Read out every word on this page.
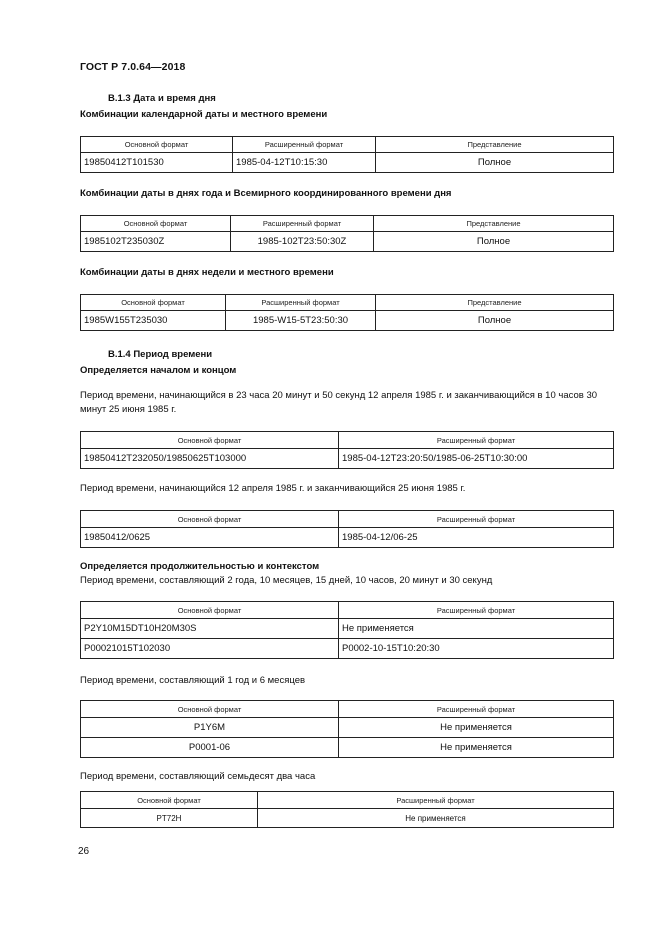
ГОСТ Р 7.0.64—2018
В.1.3 Дата и время дня
Комбинации календарной даты и местного времени
Основной формат	Расширенный формат	Представление
19850412T101530	1985-04-12T10:15:30	Полное
Комбинации даты в днях года и Всемирного координированного времени дня
Основной формат	Расширенный формат	Представление
1985102T235030Z	1985-102T23:50:30Z	Полное
Комбинации даты в днях недели и местного времени
Основной формат	Расширенный формат	Представление
1985W155T235030	1985-W15-5T23:50:30	Полное
В.1.4 Период времени
Определяется началом и концом
Период времени, начинающийся в 23 часа 20 минут и 50 секунд 12 апреля 1985 г. и заканчивающийся в 10 часов 30 минут 25 июня 1985 г.
Основной формат	Расширенный формат
19850412T232050/19850625T103000	1985-04-12T23:20:50/1985-06-25T10:30:00
Период времени, начинающийся 12 апреля 1985 г. и заканчивающийся 25 июня 1985 г.
Основной формат	Расширенный формат
19850412/0625	1985-04-12/06-25
Определяется продолжительностью и контекстом
Период времени, составляющий 2 года, 10 месяцев, 15 дней, 10 часов, 20 минут и 30 секунд
Основной формат	Расширенный формат
P2Y10M15DT10H20M30S	Не применяется
P00021015T102030	P0002-10-15T10:20:30
Период времени, составляющий 1 год и 6 месяцев
Основной формат	Расширенный формат
P1Y6M	Не применяется
P0001-06	Не применяется
Период времени, составляющий семьдесят два часа
Основной формат	Расширенный формат
PT72H	Не применяется
26
